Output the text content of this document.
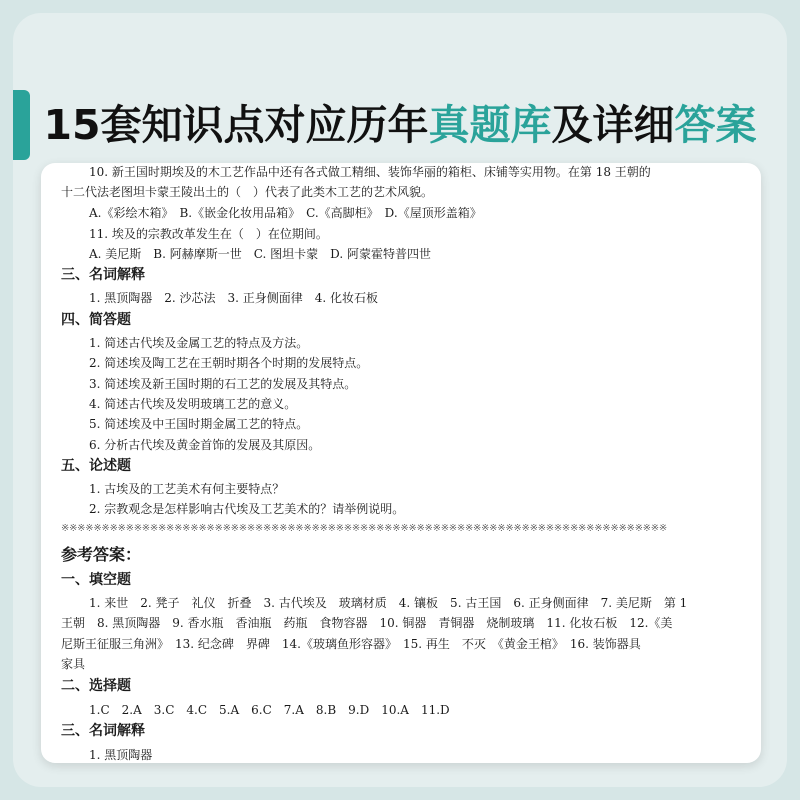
15套知识点对应历年真题库及详细答案
10. 新王国时期埃及的木工艺作品中还有各式做工精细、装饰华丽的箱柜、床铺等实用物。在第 18 王朝的
十二代法老图坦卡蒙王陵出土的（　）代表了此类木工艺的艺术风貌。
A.《彩绘木箱》　B.《嵌金化妆用品箱》　C.《高脚柜》　D.《屋顶形盖箱》
11. 埃及的宗教改革发生在（　）在位期间。
A. 美尼斯　B. 阿赫摩斯一世　C. 图坦卡蒙　D. 阿蒙霍特普四世
三、名词解释
1. 黑顶陶器　2. 沙芯法　3. 正身侧面律　4. 化妆石板
四、简答题
1. 简述古代埃及金属工艺的特点及方法。
2. 简述埃及陶工艺在王朝时期各个时期的发展特点。
3. 简述埃及新王国时期的石工艺的发展及其特点。
4. 简述古代埃及发明玻璃工艺的意义。
5. 简述埃及中王国时期金属工艺的特点。
6. 分析古代埃及黄金首饰的发展及其原因。
五、论述题
1. 古埃及的工艺美术有何主要特点？
2. 宗教观念是怎样影响古代埃及工艺美术的？请举例说明。
※※※※※※※※※※※※※※※※※※※※※※※※※※※※※※※※※※※※※※※※※※※※※※※※※※※※※※※※※※※※※※※※※※※※※※※※※※※
参考答案：
一、填空题
1. 来世　2. 凳子　礼仪　折叠　3. 古代埃及　玻璃材质　4. 镶板　5. 古王国　6. 正身侧面律　7. 美尼斯　第 1
王朝　8. 黑顶陶器　9. 香水瓶　香油瓶　药瓶　食物容器　10. 铜器　青铜器　烧制玻璃　11. 化妆石板　12.《美
尼斯王征服三角洲》　13. 纪念碑　界碑　14.《玻璃鱼形容器》　15. 再生　不灭　《黄金王棺》　16. 装饰器具
家具
二、选择题
1.C　2.A　3.C　4.C　5.A　6.C　7.A　8.B　9.D　10.A　11.D
三、名词解释
1. 黑顶陶器
